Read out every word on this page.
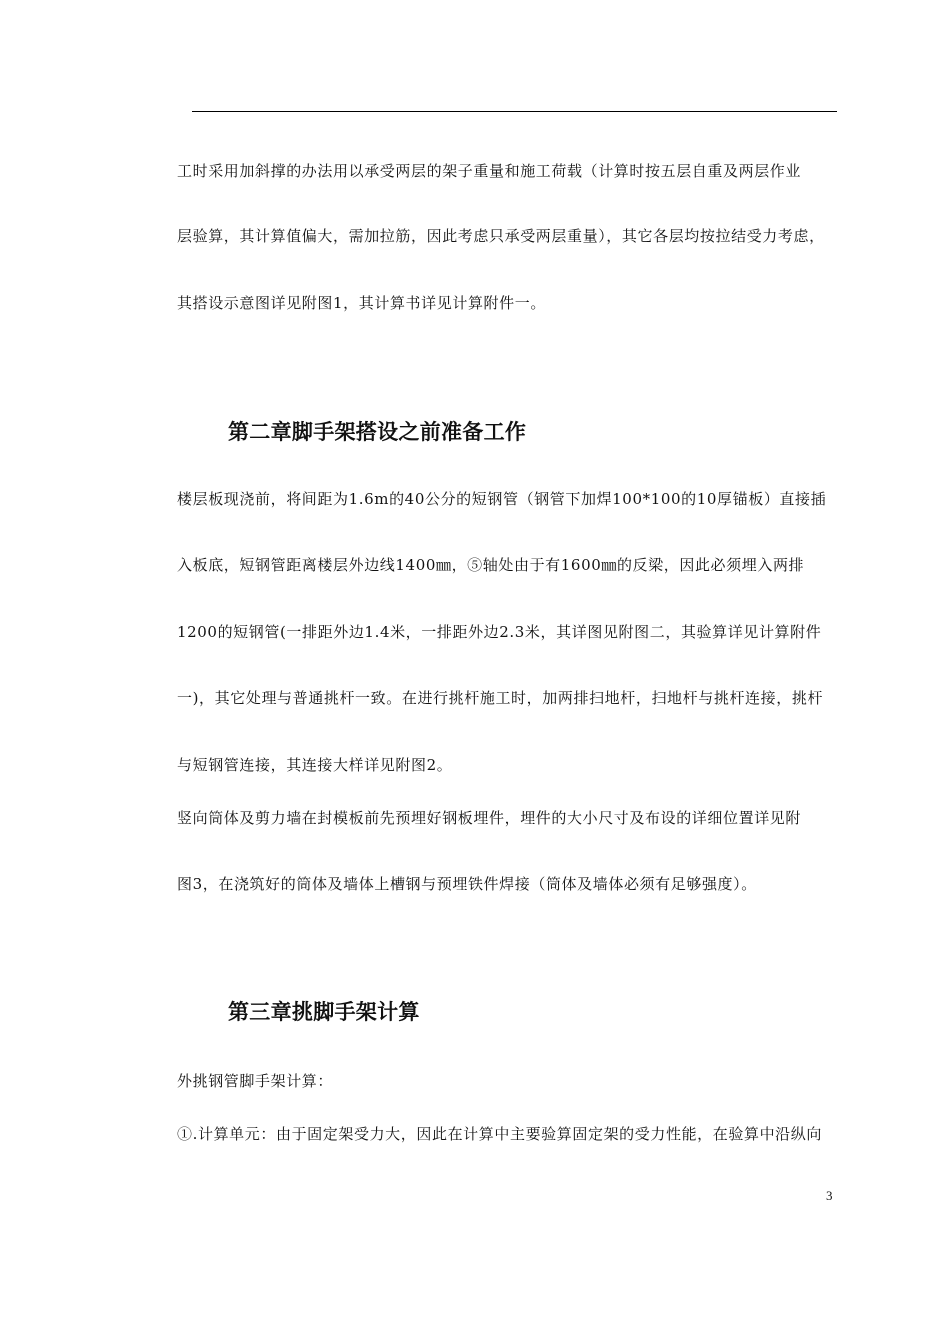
工时采用加斜撑的办法用以承受两层的架子重量和施工荷载（计算时按五层自重及两层作业
层验算，其计算值偏大，需加拉筋，因此考虑只承受两层重量），其它各层均按拉结受力考虑，
其搭设示意图详见附图1，其计算书详见计算附件一。
第二章脚手架搭设之前准备工作
楼层板现浇前，将间距为1.6m的40公分的短钢管（钢管下加焊100*100的10厚锚板）直接插
入板底，短钢管距离楼层外边线1400㎜，⑤轴处由于有1600㎜的反梁，因此必须埋入两排
1200的短钢管(一排距外边1.4米，一排距外边2.3米，其详图见附图二，其验算详见计算附件
一)，其它处理与普通挑杆一致。在进行挑杆施工时，加两排扫地杆，扫地杆与挑杆连接，挑杆
与短钢管连接，其连接大样详见附图2。
竖向筒体及剪力墙在封模板前先预埋好钢板埋件，埋件的大小尺寸及布设的详细位置详见附
图3，在浇筑好的筒体及墙体上槽钢与预埋铁件焊接（筒体及墙体必须有足够强度）。
第三章挑脚手架计算
外挑钢管脚手架计算：
①.计算单元：由于固定架受力大，因此在计算中主要验算固定架的受力性能，在验算中沿纵向
3
